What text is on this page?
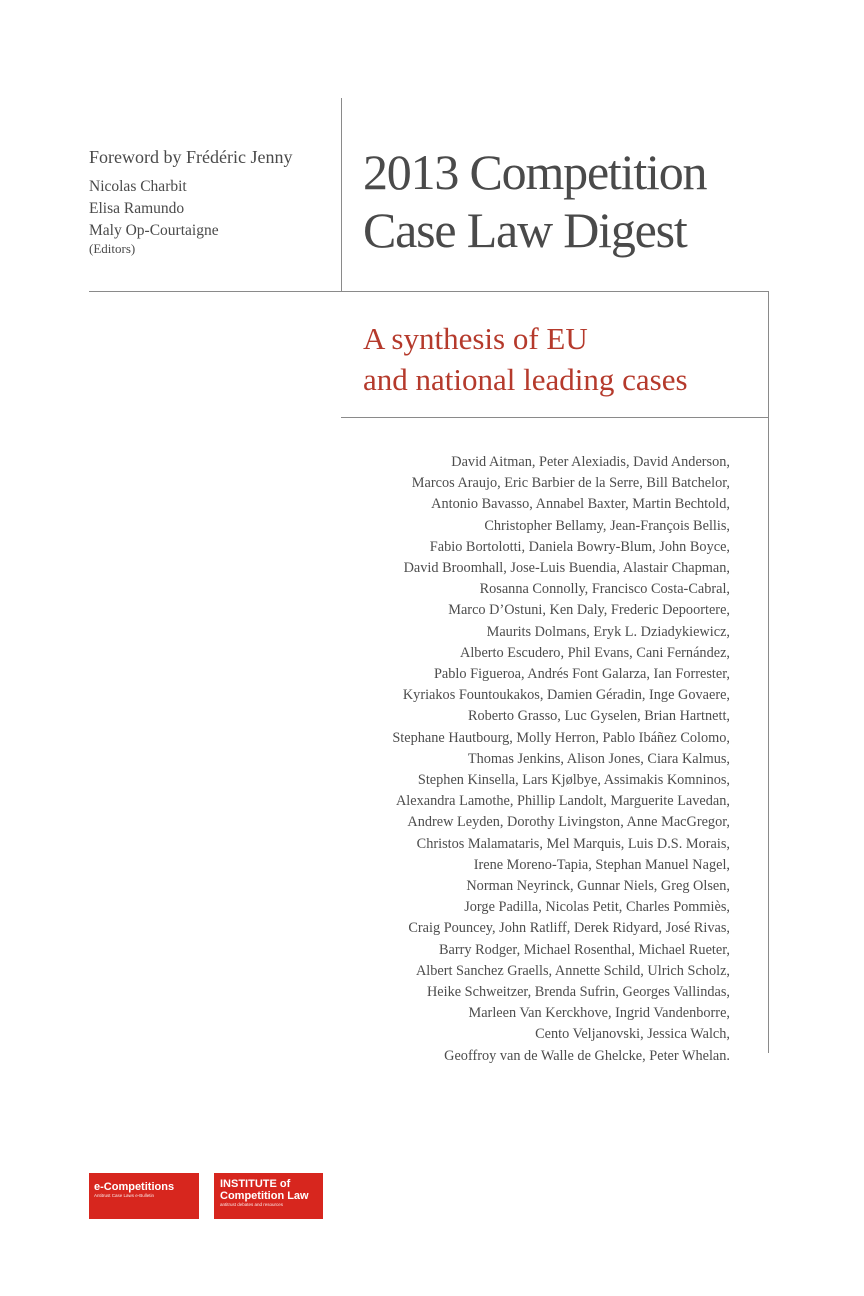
Foreword by Frédéric Jenny
Nicolas Charbit
Elisa Ramundo
Maly Op-Courtaigne
(Editors)
2013 Competition
Case Law Digest
A synthesis of EU
and national leading cases
David Aitman, Peter Alexiadis, David Anderson,
Marcos Araujo, Eric Barbier de la Serre, Bill Batchelor,
Antonio Bavasso, Annabel Baxter, Martin Bechtold,
Christopher Bellamy, Jean-François Bellis,
Fabio Bortolotti, Daniela Bowry-Blum, John Boyce,
David Broomhall, Jose-Luis Buendia, Alastair Chapman,
Rosanna Connolly, Francisco Costa-Cabral,
Marco D’Ostuni, Ken Daly, Frederic Depoortere,
Maurits Dolmans, Eryk L. Dziadykiewicz,
Alberto Escudero, Phil Evans, Cani Fernández,
Pablo Figueroa, Andrés Font Galarza, Ian Forrester,
Kyriakos Fountoukakos, Damien Géradin, Inge Govaere,
Roberto Grasso, Luc Gyselen, Brian Hartnett,
Stephane Hautbourg, Molly Herron, Pablo Ibáñez Colomo,
Thomas Jenkins, Alison Jones, Ciara Kalmus,
Stephen Kinsella, Lars Kjølbye, Assimakis Komninos,
Alexandra Lamothe, Phillip Landolt, Marguerite Lavedan,
Andrew Leyden, Dorothy Livingston, Anne MacGregor,
Christos Malamataris, Mel Marquis, Luis D.S. Morais,
Irene Moreno-Tapia, Stephan Manuel Nagel,
Norman Neyrinck, Gunnar Niels, Greg Olsen,
Jorge Padilla, Nicolas Petit, Charles Pommiès,
Craig Pouncey, John Ratliff, Derek Ridyard, José Rivas,
Barry Rodger, Michael Rosenthal, Michael Rueter,
Albert Sanchez Graells, Annette Schild, Ulrich Scholz,
Heike Schweitzer, Brenda Sufrin, Georges Vallindas,
Marleen Van Kerckhove, Ingrid Vandenborre,
Cento Veljanovski, Jessica Walch,
Geoffroy van de Walle de Ghelcke, Peter Whelan.
e-Competitions
Antitrust Case Laws e-Bulletin
INSTITUTE of
Competition Law
antitrust debates and resources
